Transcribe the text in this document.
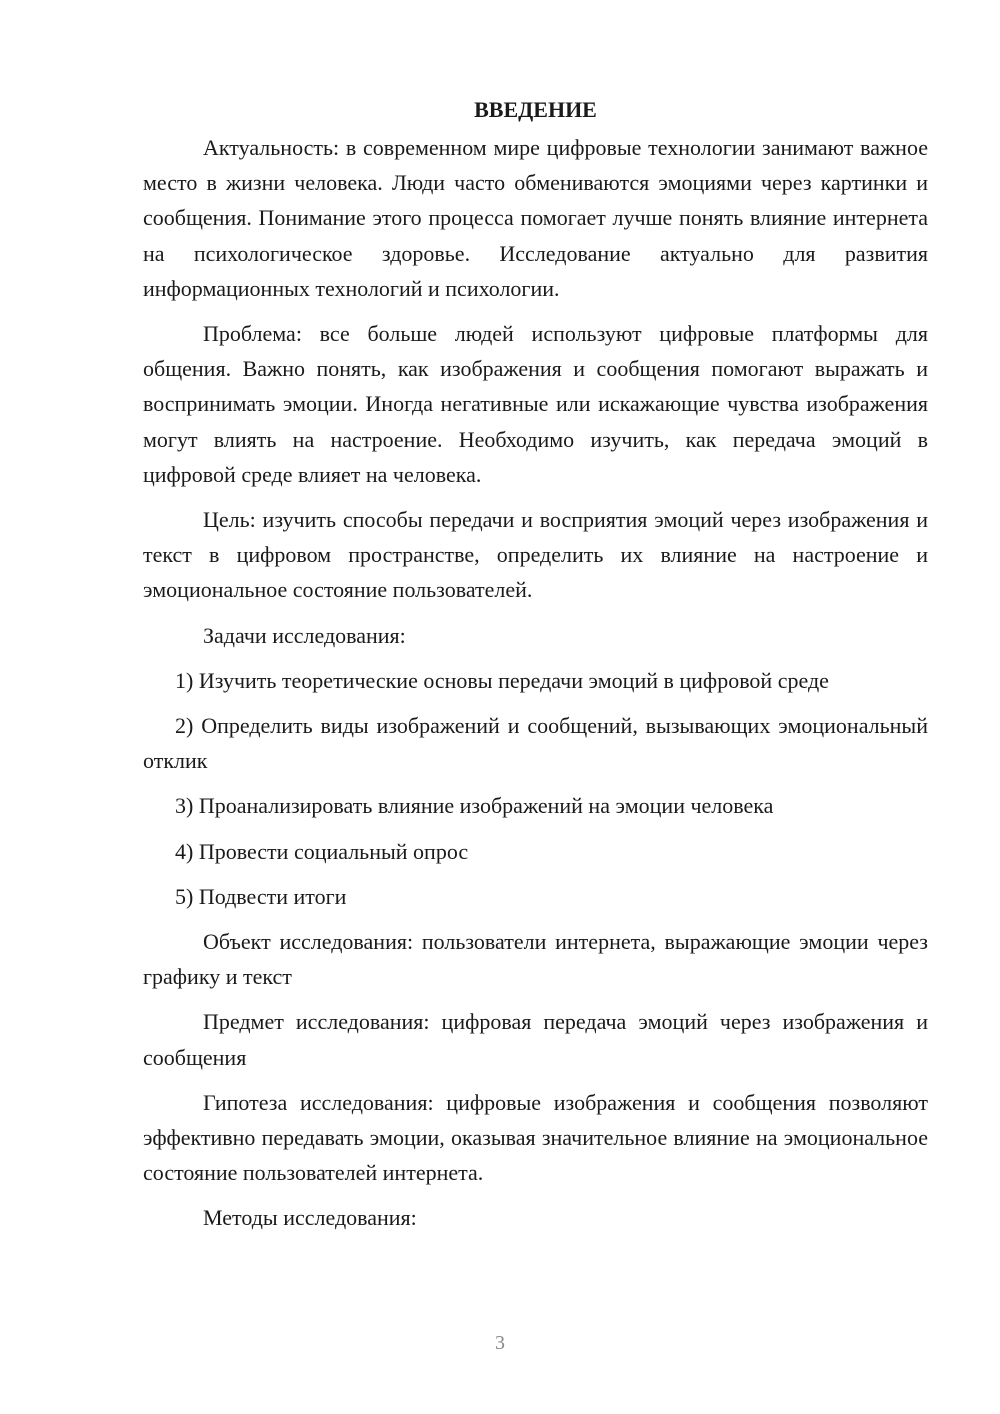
ВВЕДЕНИЕ

Актуальность: в современном мире цифровые технологии занимают важное место в жизни человека. Люди часто обмениваются эмоциями через картинки и сообщения. Понимание этого процесса помогает лучше понять влияние интернета на психологическое здоровье. Исследование актуально для развития информационных технологий и психологии.

Проблема: все больше людей используют цифровые платформы для общения. Важно понять, как изображения и сообщения помогают выражать и воспринимать эмоции. Иногда негативные или искажающие чувства изображения могут влиять на настроение. Необходимо изучить, как передача эмоций в цифровой среде влияет на человека.

Цель: изучить способы передачи и восприятия эмоций через изображения и текст в цифровом пространстве, определить их влияние на настроение и эмоциональное состояние пользователей.

Задачи исследования:

1) Изучить теоретические основы передачи эмоций в цифровой среде

2) Определить виды изображений и сообщений, вызывающих эмоциональный отклик

3) Проанализировать влияние изображений на эмоции человека

4) Провести социальный опрос

5) Подвести итоги

Объект исследования: пользователи интернета, выражающие эмоции через графику и текст

Предмет исследования: цифровая передача эмоций через изображения и сообщения

Гипотеза исследования: цифровые изображения и сообщения позволяют эффективно передавать эмоции, оказывая значительное влияние на эмоциональное состояние пользователей интернета.

Методы исследования:

3
